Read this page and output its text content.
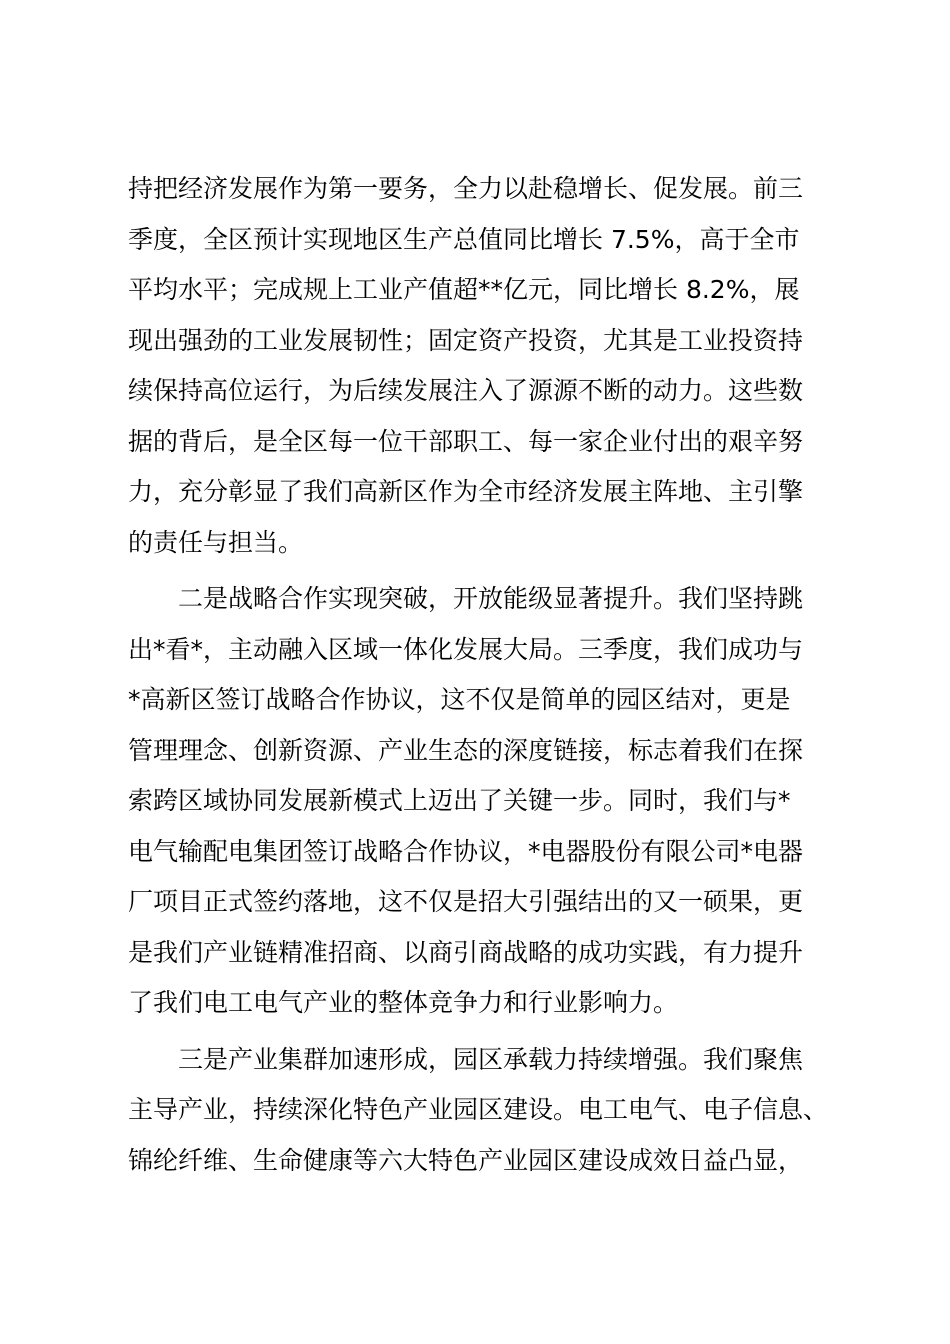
持把经济发展作为第一要务，全力以赴稳增长、促发展。前三
季度，全区预计实现地区生产总值同比增长 7.5%，高于全市
平均水平；完成规上工业产值超**亿元，同比增长 8.2%，展
现出强劲的工业发展韧性；固定资产投资，尤其是工业投资持
续保持高位运行，为后续发展注入了源源不断的动力。这些数
据的背后，是全区每一位干部职工、每一家企业付出的艰辛努
力，充分彰显了我们高新区作为全市经济发展主阵地、主引擎
的责任与担当。
二是战略合作实现突破，开放能级显著提升。我们坚持跳
出*看*，主动融入区域一体化发展大局。三季度，我们成功与
*高新区签订战略合作协议，这不仅是简单的园区结对，更是
管理理念、创新资源、产业生态的深度链接，标志着我们在探
索跨区域协同发展新模式上迈出了关键一步。同时，我们与*
电气输配电集团签订战略合作协议，*电器股份有限公司*电器
厂项目正式签约落地，这不仅是招大引强结出的又一硕果，更
是我们产业链精准招商、以商引商战略的成功实践，有力提升
了我们电工电气产业的整体竞争力和行业影响力。
三是产业集群加速形成，园区承载力持续增强。我们聚焦
主导产业，持续深化特色产业园区建设。电工电气、电子信息、
锦纶纤维、生命健康等六大特色产业园区建设成效日益凸显，
